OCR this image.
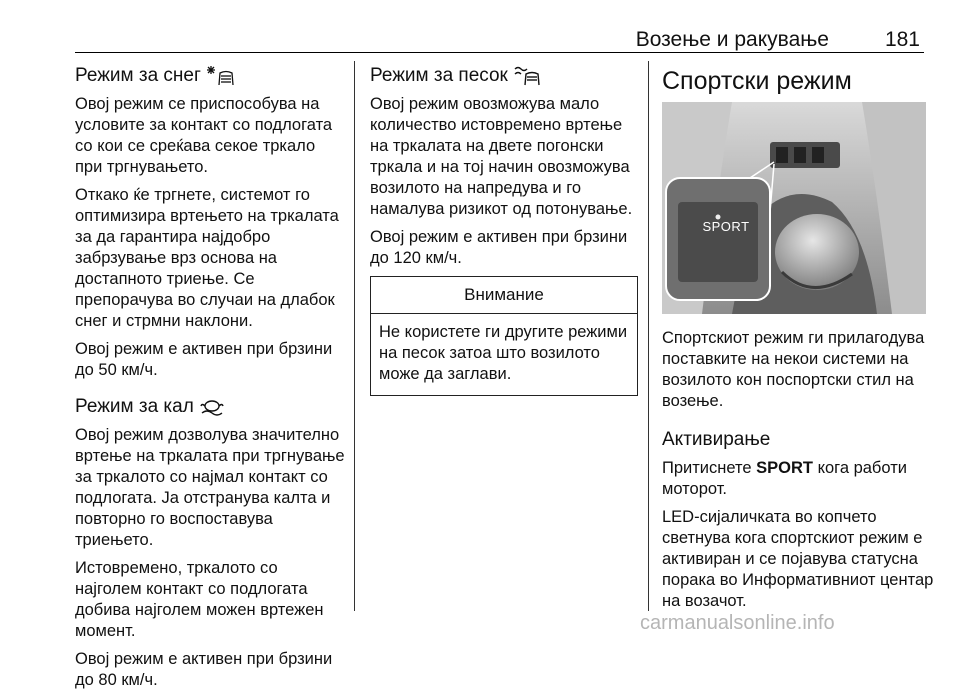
Возење и ракување	181
Режим за снег

Овој режим се приспособува на условите за контакт со подлогата со кои се среќава секое тркало при тргнувањето.

Откако ќе тргнете, системот го оптимизира вртењето на тркалата за да гарантира најдобро забрзување врз основа на достапното триење. Се препорачува во случаи на длабок снег и стрмни наклони.

Овој режим е активен при брзини до 50 км/ч.

Режим за кал

Овој режим дозволува значително вртење на тркалата при тргнувањe за тркалото со најмал контакт со подлогата. Ја отстранува калта и повторно го воспоставува триењето.

Истовремено, тркалото со најголем контакт со подлогата добива најголем можен вртежен момент.

Овој режим е активен при брзини до 80 км/ч.

Режим за песок

Овој режим овозможува мало количество истовремено вртење на тркалата на двете погонски тркала и на тој начин овозможува возилото на напредува и го намалува ризикот од потонување.

Овој режим е активен при брзини до 120 км/ч.

Внимание
Не користете ги другите режими на песок затоа што возилото може да заглави.
Спортски режим
SPORT

Спортскиот режим ги прилагодува поставките на некои системи на возилото кон поспортски стил на возење.

Активирање

Притиснете SPORT кога работи моторот.

LED-сијаличката во копчето светнува кога спортскиот режим е активиран и се појавува статусна порака во Информативниот центар на возачот.

carmanualsonline.info
